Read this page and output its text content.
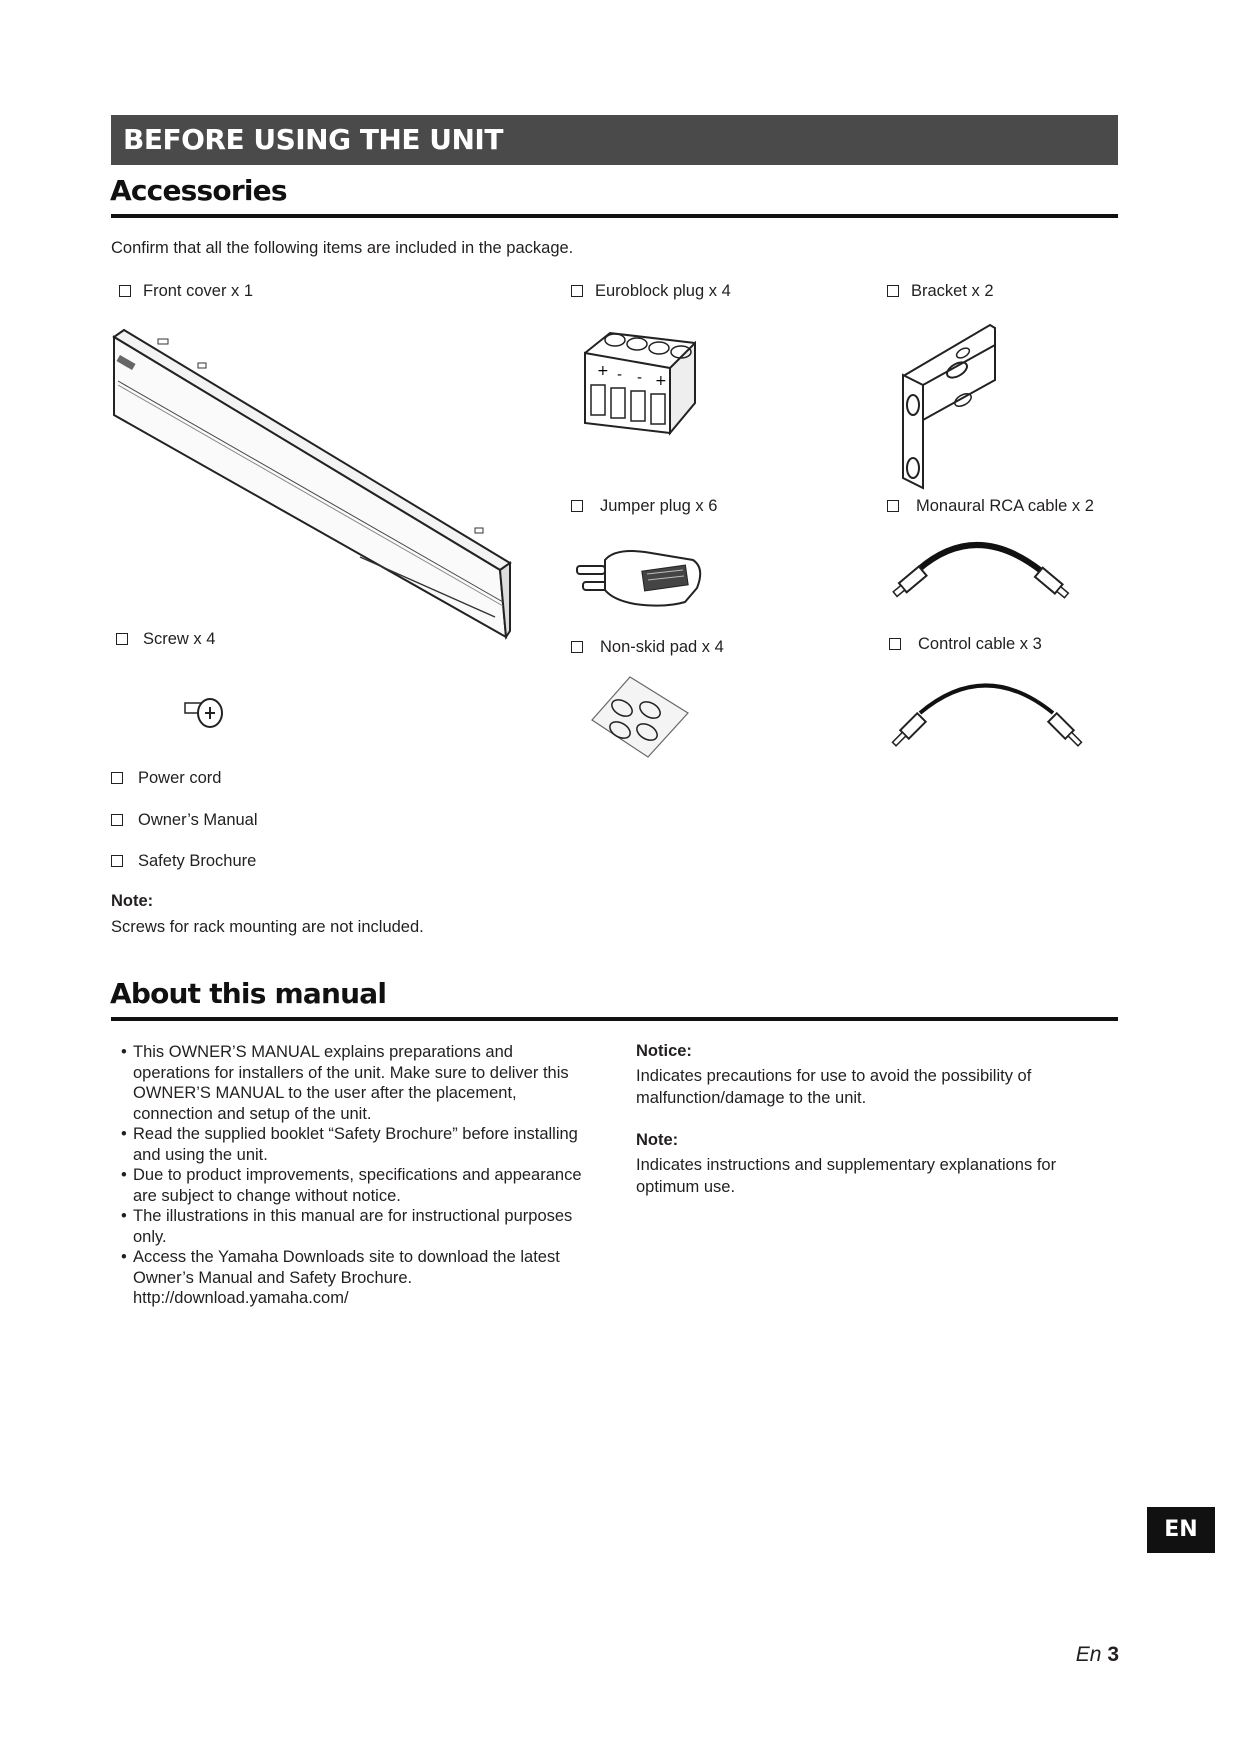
BEFORE USING THE UNIT
Accessories
Confirm that all the following items are included in the package.
Front cover x 1	Euroblock plug x 4
+ - - +
Jumper plug x 6
Non-skid pad x 4
Bracket x 2
Monaural RCA cable x 2
Control cable x 3
Screw x 4
Power cord
Owner’s Manual
Safety Brochure
Note:
Screws for rack mounting are not included.
About this manual
• This OWNER’S MANUAL explains preparations and operations for installers of the unit. Make sure to deliver this OWNER’S MANUAL to the user after the placement, connection and setup of the unit.
• Read the supplied booklet “Safety Brochure” before installing and using the unit.
• Due to product improvements, specifications and appearance are subject to change without notice.
• The illustrations in this manual are for instructional purposes only.
• Access the Yamaha Downloads site to download the latest Owner’s Manual and Safety Brochure.
http://download.yamaha.com/
Notice:
Indicates precautions for use to avoid the possibility of malfunction/damage to the unit.
Note:
Indicates instructions and supplementary explanations for optimum use.
EN
En 3
